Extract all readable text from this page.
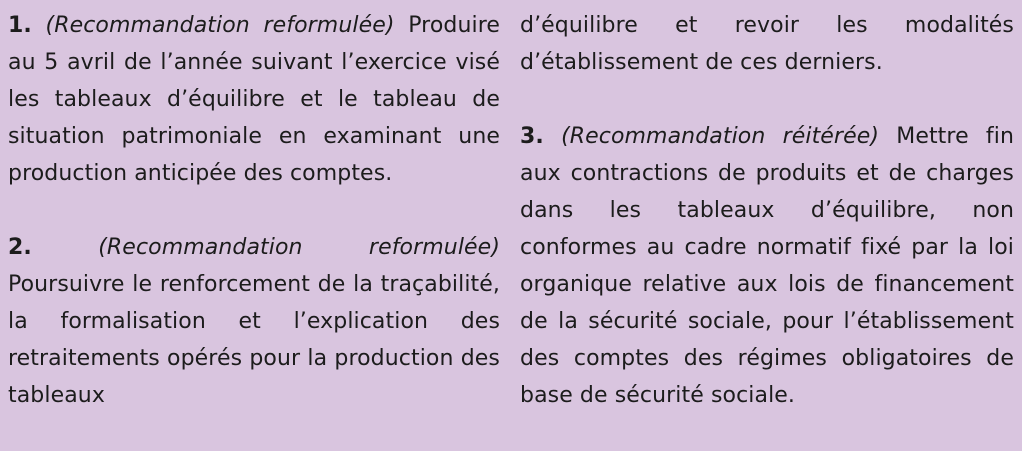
1. (Recommandation reformulée) Produire au 5 avril de l’année suivant l’exercice visé les tableaux d’équilibre et le tableau de situation patrimoniale en examinant une production anticipée des comptes.

2.	(Recommandation reformulée) Poursuivre le renforcement de la traçabilité, la formalisation et l’explication des retraitements opérés pour la production des tableaux

d’équilibre et revoir les modalités d’établissement de ces derniers.

3. (Recommandation réitérée) Mettre fin aux contractions de produits et de charges dans les tableaux d’équilibre, non conformes au cadre normatif fixé par la loi organique relative aux lois de financement de la sécurité sociale, pour l’établissement des comptes des régimes obligatoires de base de sécurité sociale.
